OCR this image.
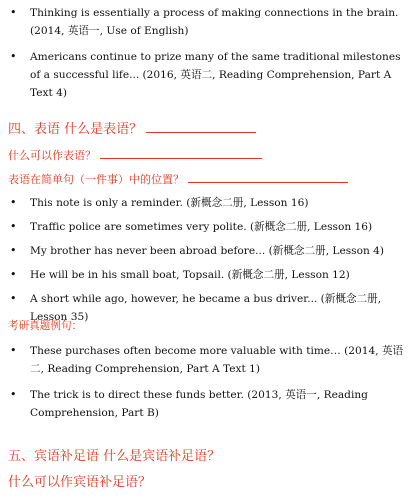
• Thinking is essentially a process of making connections in the brain.(2014, 英语一, Use of English)
• Americans continue to prize many of the same traditional milestones of a successful life... (2016, 英语二, Reading Comprehension, Part A Text 4)
四、表语 什么是表语？
什么可以作表语？
表语在简单句（一件事）中的位置？
• This note is only a reminder. (新概念二册, Lesson 16)
• Traffic police are sometimes very polite. (新概念二册, Lesson 16)
• My brother has never been abroad before... (新概念二册, Lesson 4)
• He will be in his small boat, Topsail. (新概念二册, Lesson 12)
• A short while ago, however, he became a bus driver... (新概念二册, Lesson 35)
考研真题例句：
• These purchases often become more valuable with time… (2014, 英语二, Reading Comprehension, Part A Text 1)
• The trick is to direct these funds better. (2013, 英语一, Reading Comprehension, Part B)
五、宾语补足语 什么是宾语补足语？
什么可以作宾语补足语？
